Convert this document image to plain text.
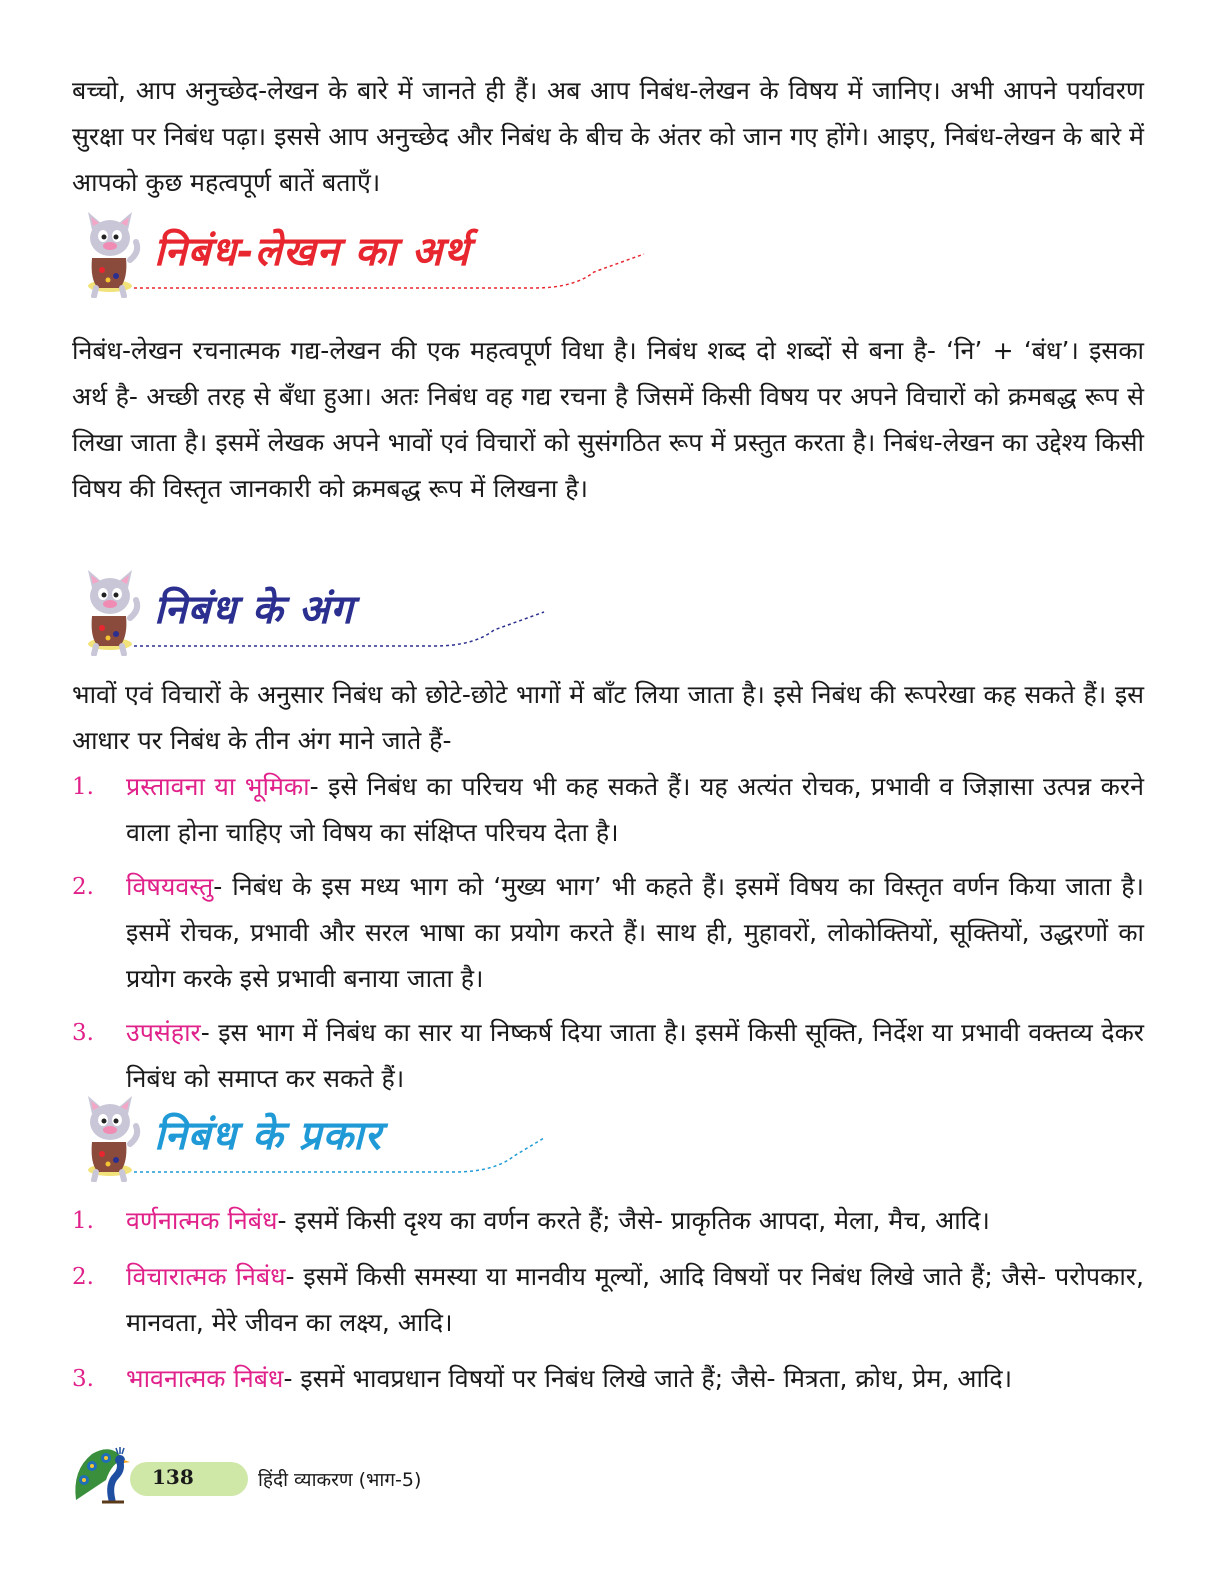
बच्चो, आप अनुच्छेद-लेखन के बारे में जानते ही हैं। अब आप निबंध-लेखन के विषय में जानिए। अभी आपने पर्यावरण सुरक्षा पर निबंध पढ़ा। इससे आप अनुच्छेद और निबंध के बीच के अंतर को जान गए होंगे। आइए, निबंध-लेखन के बारे में आपको कुछ महत्वपूर्ण बातें बताएँ।

निबंध-लेखन का अर्थ

निबंध-लेखन रचनात्मक गद्य-लेखन की एक महत्वपूर्ण विधा है। निबंध शब्द दो शब्दों से बना है- ‘नि’ + ‘बंध’। इसका अर्थ है- अच्छी तरह से बँधा हुआ। अतः निबंध वह गद्य रचना है जिसमें किसी विषय पर अपने विचारों को क्रमबद्ध रूप से लिखा जाता है। इसमें लेखक अपने भावों एवं विचारों को सुसंगठित रूप में प्रस्तुत करता है। निबंध-लेखन का उद्देश्य किसी विषय की विस्तृत जानकारी को क्रमबद्ध रूप में लिखना है।

निबंध के अंग

भावों एवं विचारों के अनुसार निबंध को छोटे-छोटे भागों में बाँट लिया जाता है। इसे निबंध की रूपरेखा कह सकते हैं। इस आधार पर निबंध के तीन अंग माने जाते हैं-

1. प्रस्तावना या भूमिका- इसे निबंध का परिचय भी कह सकते हैं। यह अत्यंत रोचक, प्रभावी व जिज्ञासा उत्पन्न करने वाला होना चाहिए जो विषय का संक्षिप्त परिचय देता है।
2. विषयवस्तु- निबंध के इस मध्य भाग को ‘मुख्य भाग’ भी कहते हैं। इसमें विषय का विस्तृत वर्णन किया जाता है। इसमें रोचक, प्रभावी और सरल भाषा का प्रयोग करते हैं। साथ ही, मुहावरों, लोकोक्तियों, सूक्तियों, उद्धरणों का प्रयोग करके इसे प्रभावी बनाया जाता है।
3. उपसंहार- इस भाग में निबंध का सार या निष्कर्ष दिया जाता है। इसमें किसी सूक्ति, निर्देश या प्रभावी वक्तव्य देकर निबंध को समाप्त कर सकते हैं।
निबंध के प्रकार
1. वर्णनात्मक निबंध- इसमें किसी दृश्य का वर्णन करते हैं; जैसे- प्राकृतिक आपदा, मेला, मैच, आदि।
2. विचारात्मक निबंध- इसमें किसी समस्या या मानवीय मूल्यों, आदि विषयों पर निबंध लिखे जाते हैं; जैसे- परोपकार, मानवता, मेरे जीवन का लक्ष्य, आदि।
3. भावनात्मक निबंध- इसमें भावप्रधान विषयों पर निबंध लिखे जाते हैं; जैसे- मित्रता, क्रोध, प्रेम, आदि।
138	हिंदी व्याकरण (भाग-5)
